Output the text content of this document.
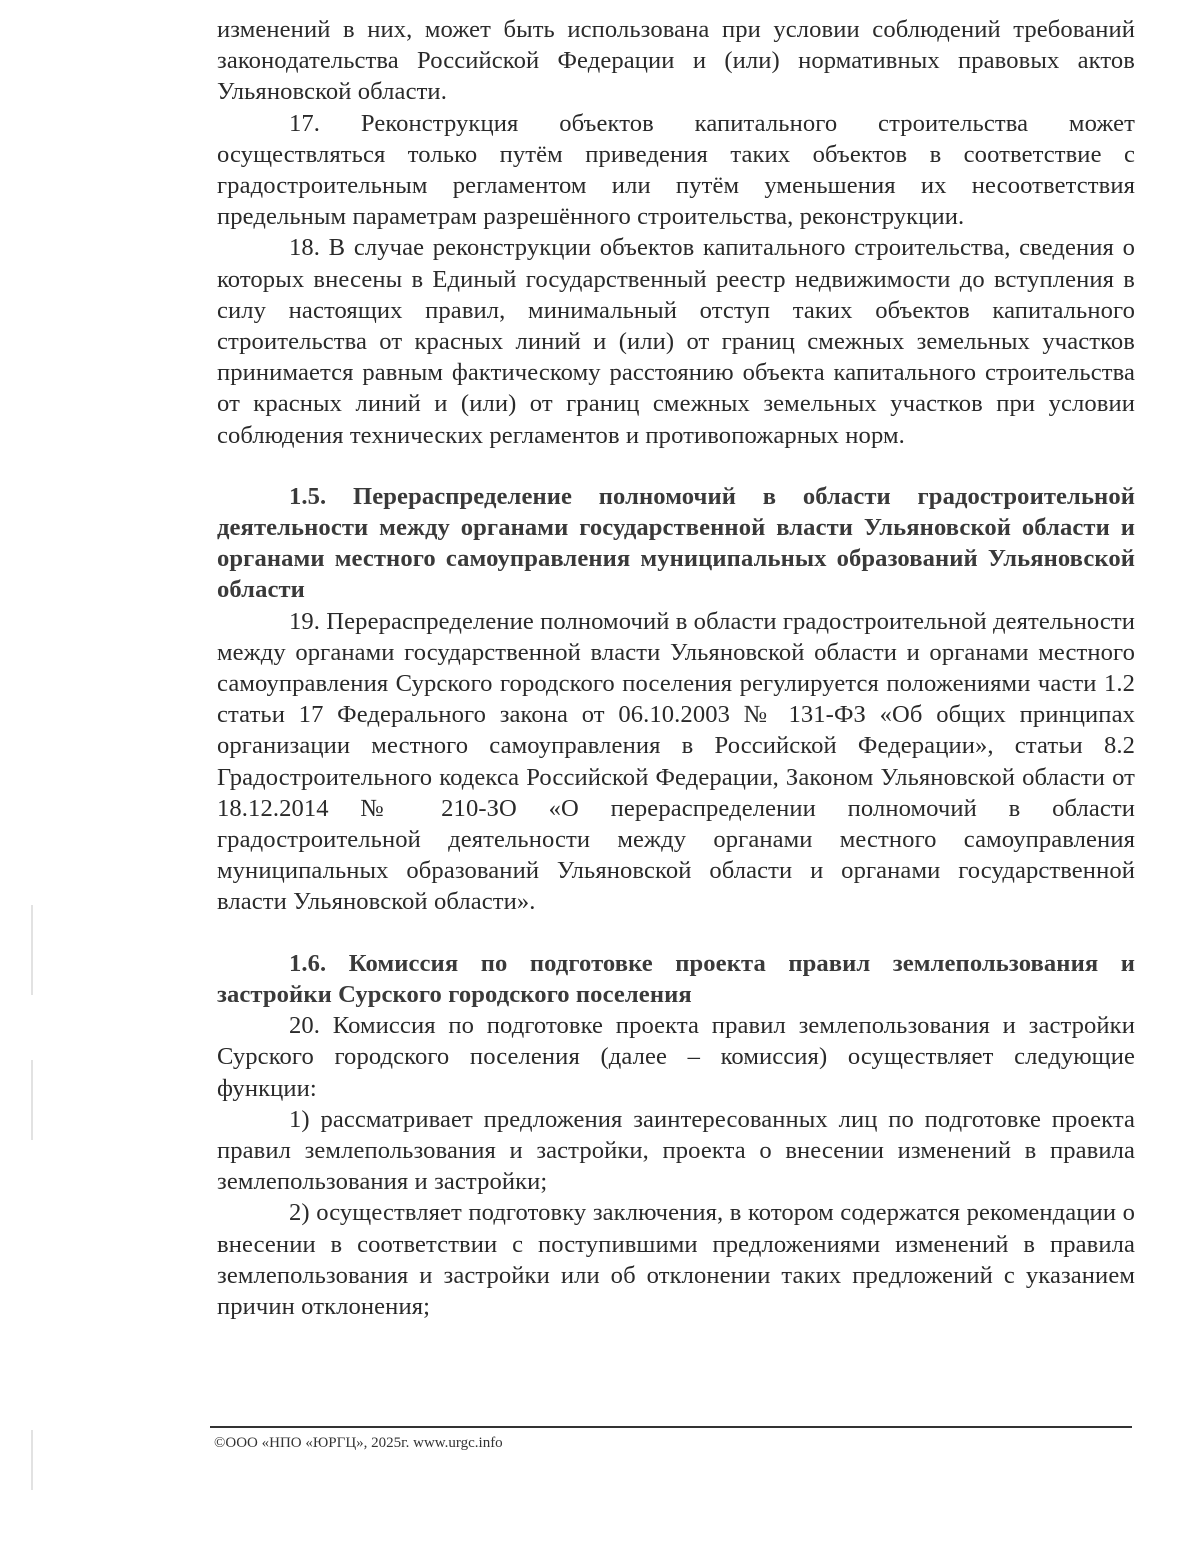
изменений в них, может быть использована при условии соблюдений требований законодательства Российской Федерации и (или) нормативных правовых актов Ульяновской области.

17. Реконструкция объектов капитального строительства может осуществляться только путём приведения таких объектов в соответствие с градостроительным регламентом или путём уменьшения их несоответствия предельным параметрам разрешённого строительства, реконструкции.

18. В случае реконструкции объектов капитального строительства, сведения о которых внесены в Единый государственный реестр недвижимости до вступления в силу настоящих правил, минимальный отступ таких объектов капитального строительства от красных линий и (или) от границ смежных земельных участков принимается равным фактическому расстоянию объекта капитального строительства от красных линий и (или) от границ смежных земельных участков при условии соблюдения технических регламентов и противопожарных норм.

1.5. Перераспределение полномочий в области градостроительной деятельности между органами государственной власти Ульяновской области и органами местного самоуправления муниципальных образований Ульяновской области

19. Перераспределение полномочий в области градостроительной деятельности между органами государственной власти Ульяновской области и органами местного самоуправления Сурского городского поселения регулируется положениями части 1.2 статьи 17 Федерального закона от 06.10.2003 № 131-ФЗ «Об общих принципах организации местного самоуправления в Российской Федерации», статьи 8.2 Градостроительного кодекса Российской Федерации, Законом Ульяновской области от 18.12.2014 № 210-ЗО «О перераспределении полномочий в области градостроительной деятельности между органами местного самоуправления муниципальных образований Ульяновской области и органами государственной власти Ульяновской области».

1.6. Комиссия по подготовке проекта правил землепользования и застройки Сурского городского поселения

20. Комиссия по подготовке проекта правил землепользования и застройки Сурского городского поселения (далее – комиссия) осуществляет следующие функции:

1) рассматривает предложения заинтересованных лиц по подготовке проекта правил землепользования и застройки, проекта о внесении изменений в правила землепользования и застройки;

2) осуществляет подготовку заключения, в котором содержатся рекомендации о внесении в соответствии с поступившими предложениями изменений в правила землепользования и застройки или об отклонении таких предложений с указанием причин отклонения;

©ООО «НПО «ЮРГЦ», 2025г. www.urgc.info
